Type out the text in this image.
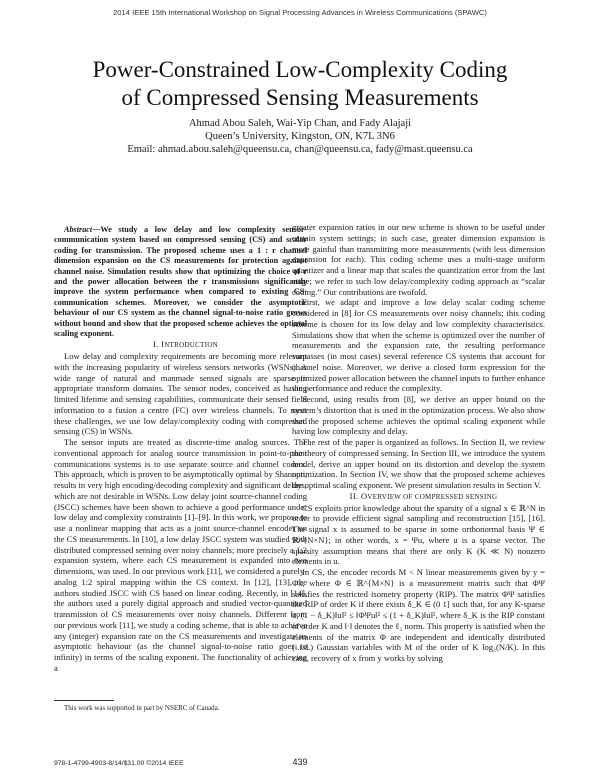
2014 IEEE 15th International Workshop on Signal Processing Advances in Wireless Communications (SPAWC)
Power-Constrained Low-Complexity Coding
of Compressed Sensing Measurements
Ahmad Abou Saleh, Wai-Yip Chan, and Fady Alajaji
Queen’s University, Kingston, ON, K7L 3N6
Email: ahmad.abou.saleh@queensu.ca, chan@queensu.ca, fady@mast.queensu.ca

Abstract—We study a low delay and low complexity sensor-communication system based on compressed sensing (CS) and scalar coding for transmission. The proposed scheme uses a 1 : r channel dimension expansion on the CS measurements for protection against channel noise. Simulation results show that optimizing the choice of r and the power allocation between the r transmissions significantly improve the system performance when compared to existing CS-communication schemes. Moreover, we consider the asymptotic behaviour of our CS system as the channel signal-to-noise ratio grows without bound and show that the proposed scheme achieves the optimal scaling exponent.

I. INTRODUCTION

Low delay and complexity requirements are becoming more relevant with the increasing popularity of wireless sensors networks (WSNs). A wide range of natural and manmade sensed signals are sparse in appropriate transform domains. The sensor nodes, conceived as having limited lifetime and sensing capabilities, communicate their sensed field information to a fusion a centre (FC) over wireless channels. To meet these challenges, we use low delay/complexity coding with compressed sensing (CS) in WSNs.

The sensor inputs are treated as discrete-time analog sources. The conventional approach for analog source transmission in point-to-point communications systems is to use separate source and channel coders. This approach, which is proven to be asymptotically optimal by Shannon, results in very high encoding/decoding complexity and significant delays, which are not desirable in WSNs. Low delay joint source-channel coding (JSCC) schemes have been shown to achieve a good performance under low delay and complexity constraints [1]–[9]. In this work, we propose to use a nonlinear mapping that acts as a joint source-channel encoder on the CS measurements. In [10], a low delay JSCC system was studied with distributed compressed sensing over noisy channels; more precisely a 1:2 expansion system, where each CS measurement is expanded into two dimensions, was used. In our previous work [11], we considered a purely-analog 1:2 spiral mapping within the CS context. In [12], [13], the authors studied JSCC with CS based on linear coding. Recently, in [14], the authors used a purely digital approach and studied vector-quantized transmission of CS measurements over noisy channels. Different from our previous work [11], we study a coding scheme, that is able to achieve any (integer) expansion rate on the CS measurements and investigate its asymptotic behaviour (as the channel signal-to-noise ratio goes to infinity) in terms of the scaling exponent. The functionality of achieving a

This work was supported in part by NSERC of Canada.

greater expansion ratios in our new scheme is shown to be useful under certain system settings; in such case, greater dimension expansion is more gainful than transmitting more measurements (with less dimension expansion for each). This coding scheme uses a multi-stage uniform quantizer and a linear map that scales the quantization error from the last stage; we refer to such low delay/complexity coding approach as “scalar coding.” Our contributions are twofold.

First, we adapt and improve a low delay scalar coding scheme considered in [8] for CS measurements over noisy channels; this coding scheme is chosen for its low delay and low complexity characteristics. Simulations show that when the scheme is optimized over the number of measurements and the expansion rate, the resulting performance surpasses (in most cases) several reference CS systems that account for channel noise. Moreover, we derive a closed form expression for the optimized power allocation between the channel inputs to further enhance the performance and reduce the complexity.

Second, using results from [8], we derive an upper bound on the system’s distortion that is used in the optimization process. We also show that the proposed scheme achieves the optimal scaling exponent while having low complexity and delay.

The rest of the paper is organized as follows. In Section II, we review the theory of compressed sensing. In Section III, we introduce the system model, derive an upper bound on its distortion and develop the system optimization. In Section IV, we show that the proposed scheme achieves the optimal scaling exponent. We present simulation results in Section V.

II. OVERVIEW OF COMPRESSED SENSING

CS exploits prior knowledge about the sparsity of a signal x ∈ ℝ^N in order to provide efficient signal sampling and reconstruction [15], [16]. The signal x is assumed to be sparse in some orthonormal basis Ψ ∈ ℝ^{N×N}; in other words, x = Ψu, where u is a sparse vector. The sparsity assumption means that there are only K (K ≪ N) nonzero elements in u.

In CS, the encoder records M < N linear measurements given by y = Φx, where Φ ∈ ℝ^{M×N} is a measurement matrix such that ΦΨ satisfies the restricted isometry property (RIP). The matrix ΦΨ satisfies the RIP of order K if there exists δ_K ∈ (0 1] such that, for any K-sparse u, (1 − δ_K)‖u‖² ≤ ‖ΦΨu‖² ≤ (1 + δ_K)‖u‖², where δ_K is the RIP constant of order K and ‖·‖ denotes the ℓ₂ norm. This property is satisfied when the elements of the matrix Φ are independent and identically distributed (i.i.d.) Gaussian variables with M of the order of K log₂(N/K). In this case, recovery of x from y works by solving

978-1-4799-4903-8/14/$31.00 ©2014 IEEE	439
